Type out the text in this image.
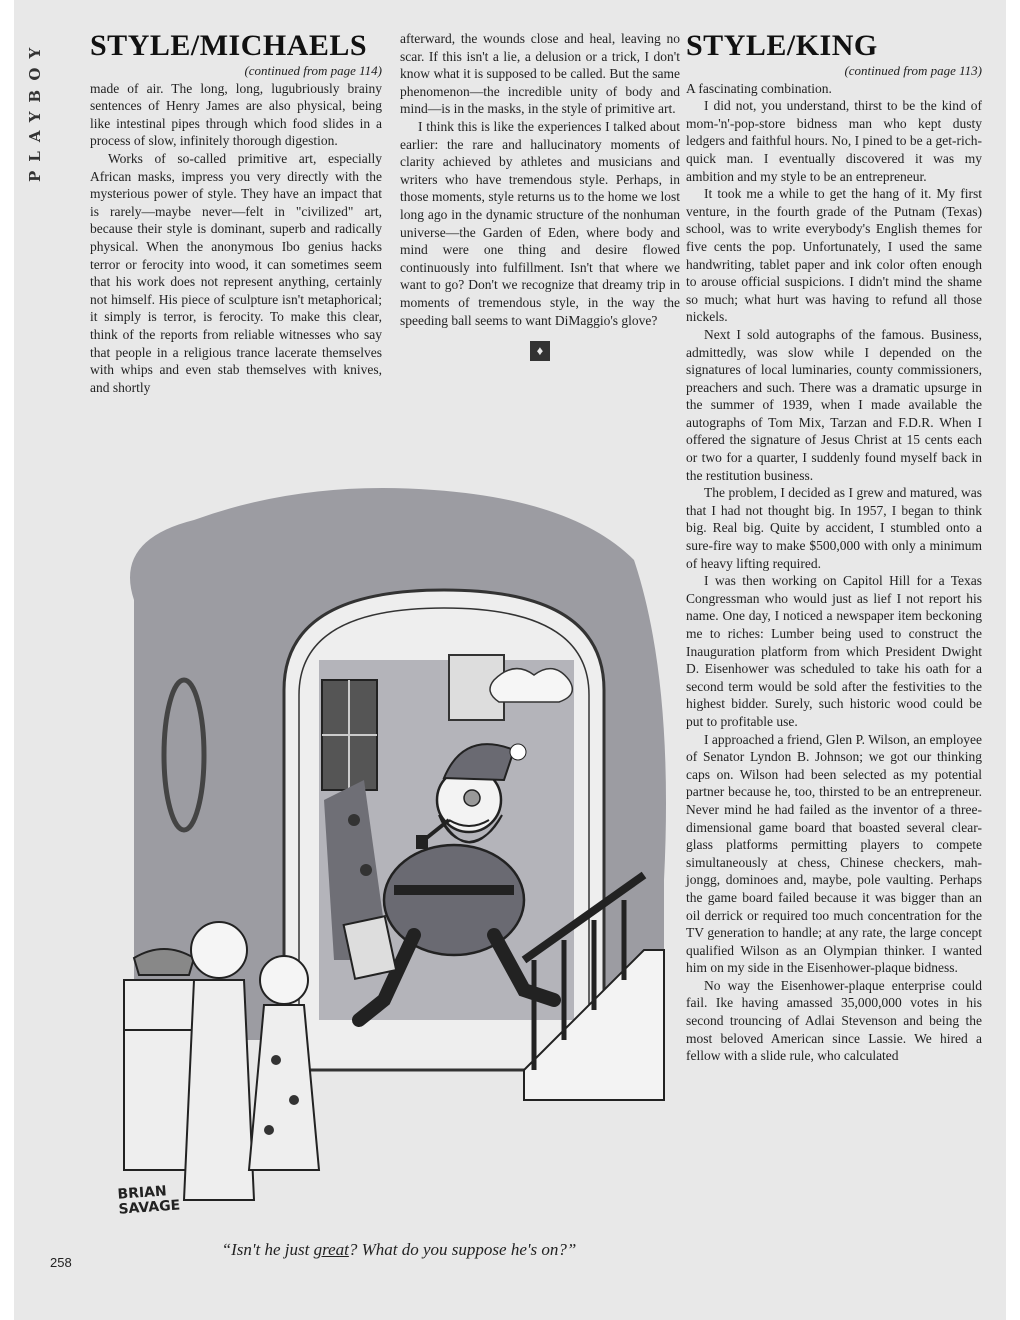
PLAYBOY	STYLE/MICHAELS

(continued from page 114)

made of air. The long, long, lugubriously brainy sentences of Henry James are also physical, being like intestinal pipes through which food slides in a process of slow, infinitely thorough digestion.

Works of so-called primitive art, especially African masks, impress you very directly with the mysterious power of style. They have an impact that is rarely—maybe never—felt in "civilized" art, because their style is dominant, superb and radically physical. When the anonymous Ibo genius hacks terror or ferocity into wood, it can sometimes seem that his work does not represent anything, certainly not himself. His piece of sculpture isn't metaphorical; it simply is terror, is ferocity. To make this clear, think of the reports from reliable witnesses who say that people in a religious trance lacerate themselves with whips and even stab themselves with knives, and shortly

afterward, the wounds close and heal, leaving no scar. If this isn't a lie, a delusion or a trick, I don't know what it is supposed to be called. But the same phenomenon—the incredible unity of body and mind—is in the masks, in the style of primitive art.

I think this is like the experiences I talked about earlier: the rare and hallucinatory moments of clarity achieved by athletes and musicians and writers who have tremendous style. Perhaps, in those moments, style returns us to the home we lost long ago in the dynamic structure of the nonhuman universe—the Garden of Eden, where body and mind were one thing and desire flowed continuously into fulfillment. Isn't that where we want to go? Don't we recognize that dreamy trip in moments of tremendous style, in the way the speeding ball seems to want DiMaggio's glove?

♦
STYLE/KING

(continued from page 113)

A fascinating combination.

I did not, you understand, thirst to be the kind of mom-'n'-pop-store bidness man who kept dusty ledgers and faithful hours. No, I pined to be a get-rich-quick man. I eventually discovered it was my ambition and my style to be an entrepreneur.

It took me a while to get the hang of it. My first venture, in the fourth grade of the Putnam (Texas) school, was to write everybody's English themes for five cents the pop. Unfortunately, I used the same handwriting, tablet paper and ink color often enough to arouse official suspicions. I didn't mind the shame so much; what hurt was having to refund all those nickels.

Next I sold autographs of the famous. Business, admittedly, was slow while I depended on the signatures of local luminaries, county commissioners, preachers and such. There was a dramatic upsurge in the summer of 1939, when I made available the autographs of Tom Mix, Tarzan and F.D.R. When I offered the signature of Jesus Christ at 15 cents each or two for a quarter, I suddenly found myself back in the restitution business.

The problem, I decided as I grew and matured, was that I had not thought big. In 1957, I began to think big. Real big. Quite by accident, I stumbled onto a sure-fire way to make $500,000 with only a minimum of heavy lifting required.

I was then working on Capitol Hill for a Texas Congressman who would just as lief I not report his name. One day, I noticed a newspaper item beckoning me to riches: Lumber being used to construct the Inauguration platform from which President Dwight D. Eisenhower was scheduled to take his oath for a second term would be sold after the festivities to the highest bidder. Surely, such historic wood could be put to profitable use.

I approached a friend, Glen P. Wilson, an employee of Senator Lyndon B. Johnson; we got our thinking caps on. Wilson had been selected as my potential partner because he, too, thirsted to be an entrepreneur. Never mind he had failed as the inventor of a three-dimensional game board that boasted several clear-glass platforms permitting players to compete simultaneously at chess, Chinese checkers, mah-jongg, dominoes and, maybe, pole vaulting. Perhaps the game board failed because it was bigger than an oil derrick or required too much concentration for the TV generation to handle; at any rate, the large concept qualified Wilson as an Olympian thinker. I wanted him on my side in the Eisenhower-plaque bidness.

No way the Eisenhower-plaque enterprise could fail. Ike having amassed 35,000,000 votes in his second trouncing of Adlai Stevenson and being the most beloved American since Lassie. We hired a fellow with a slide rule, who calculated

BRIAN SAVAGE
“Isn't he just great? What do you suppose he's on?”
258
